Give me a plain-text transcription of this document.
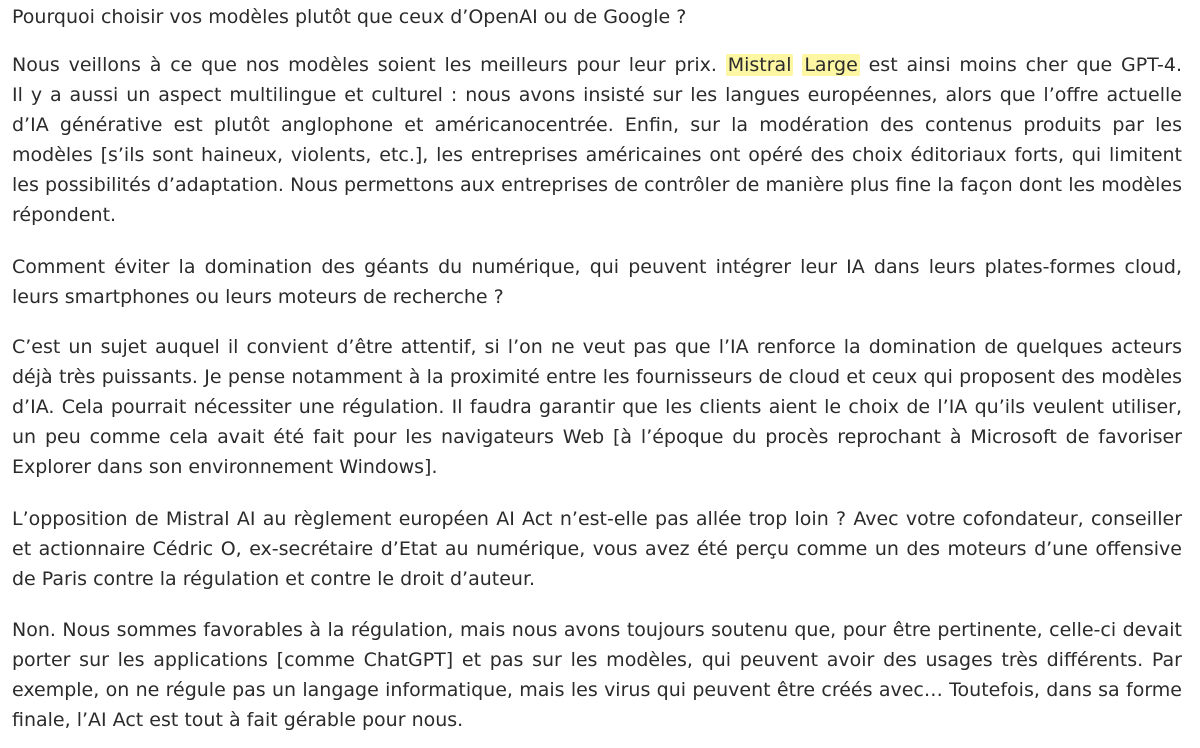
Pourquoi choisir vos modèles plutôt que ceux d’OpenAI ou de Google ?

Nous veillons à ce que nos modèles soient les meilleurs pour leur prix. Mistral Large est ainsi moins cher que GPT-4.
Il y a aussi un aspect multilingue et culturel : nous avons insisté sur les langues européennes, alors que l’offre actuelle d’IA générative est plutôt anglophone et américanocentrée. Enfin, sur la modération des contenus produits par les modèles [s’ils sont haineux, violents, etc.], les entreprises américaines ont opéré des choix éditoriaux forts, qui limitent les possibilités d’adaptation. Nous permettons aux entreprises de contrôler de manière plus fine la façon dont les modèles répondent.

Comment éviter la domination des géants du numérique, qui peuvent intégrer leur IA dans leurs plates-formes cloud, leurs smartphones ou leurs moteurs de recherche ?

C’est un sujet auquel il convient d’être attentif, si l’on ne veut pas que l’IA renforce la domination de quelques acteurs déjà très puissants. Je pense notamment à la proximité entre les fournisseurs de cloud et ceux qui proposent des modèles d’IA. Cela pourrait nécessiter une régulation. Il faudra garantir que les clients aient le choix de l’IA qu’ils veulent utiliser, un peu comme cela avait été fait pour les navigateurs Web [à l’époque du procès reprochant à Microsoft de favoriser Explorer dans son environnement Windows].

L’opposition de Mistral AI au règlement européen AI Act n’est-elle pas allée trop loin ? Avec votre cofondateur, conseiller et actionnaire Cédric O, ex-secrétaire d’Etat au numérique, vous avez été perçu comme un des moteurs d’une offensive de Paris contre la régulation et contre le droit d’auteur.

Non. Nous sommes favorables à la régulation, mais nous avons toujours soutenu que, pour être pertinente, celle-ci devait porter sur les applications [comme ChatGPT] et pas sur les modèles, qui peuvent avoir des usages très différents. Par exemple, on ne régule pas un langage informatique, mais les virus qui peuvent être créés avec… Toutefois, dans sa forme finale, l’AI Act est tout à fait gérable pour nous.
